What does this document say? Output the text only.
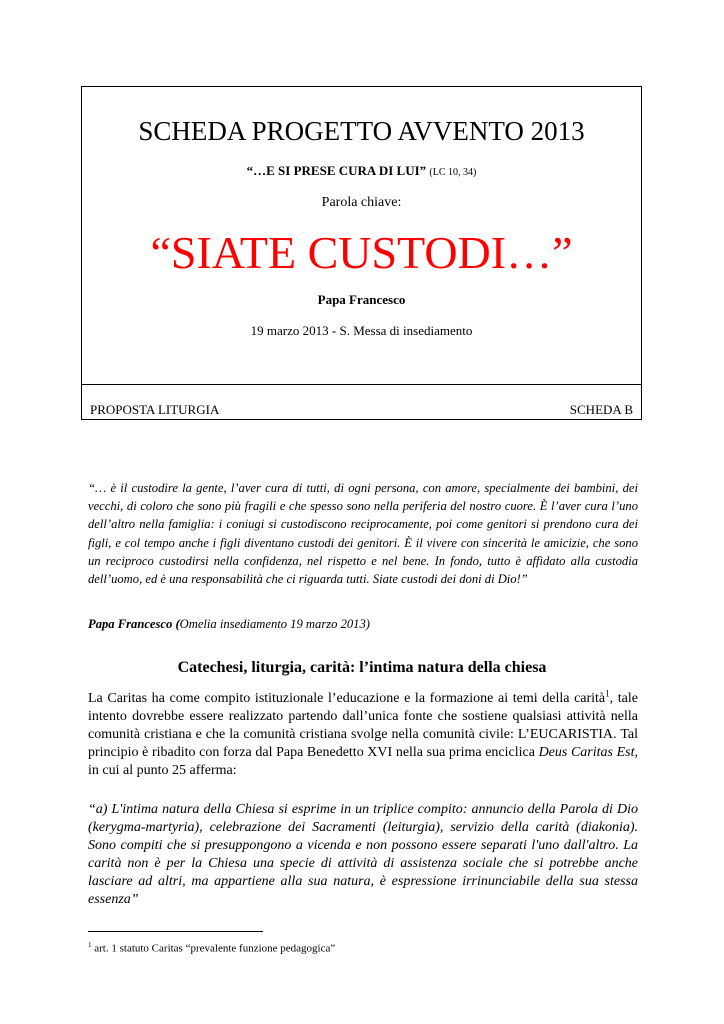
SCHEDA PROGETTO AVVENTO 2013
“…E SI PRESE CURA DI LUI” (LC 10, 34)
Parola chiave:
“SIATE CUSTODI…”
Papa Francesco
19 marzo 2013 - S. Messa di insediamento
PROPOSTA LITURGIA	SCHEDA B
“… è il custodire la gente, l’aver cura di tutti, di ogni persona, con amore, specialmente dei bambini, dei vecchi, di coloro che sono più fragili e che spesso sono nella periferia del nostro cuore. È l’aver cura l’uno dell’altro nella famiglia: i coniugi si custodiscono reciprocamente, poi come genitori si prendono cura dei figli, e col tempo anche i figli diventano custodi dei genitori. È il vivere con sincerità le amicizie, che sono un reciproco custodirsi nella confidenza, nel rispetto e nel bene. In fondo, tutto è affidato alla custodia dell’uomo, ed è una responsabilità che ci riguarda tutti. Siate custodi dei doni di Dio!”
Papa Francesco (Omelia insediamento 19 marzo 2013)
Catechesi, liturgia, carità: l’intima natura della chiesa
La Caritas ha come compito istituzionale l’educazione e la formazione ai temi della carità$^1$, tale intento dovrebbe essere realizzato partendo dall’unica fonte che sostiene qualsiasi attività nella comunità cristiana e che la comunità cristiana svolge nella comunità civile: L’EUCARISTIA. Tal principio è ribadito con forza dal Papa Benedetto XVI nella sua prima enciclica Deus Caritas Est, in cui al punto 25 afferma:
“a) L'intima natura della Chiesa si esprime in un triplice compito: annuncio della Parola di Dio (kerygma-martyria), celebrazione dei Sacramenti (leiturgia), servizio della carità (diakonia). Sono compiti che si presuppongono a vicenda e non possono essere separati l'uno dall'altro. La carità non è per la Chiesa una specie di attività di assistenza sociale che si potrebbe anche lasciare ad altri, ma appartiene alla sua natura, è espressione irrinunciabile della sua stessa essenza”
$^1$ art. 1 statuto Caritas “prevalente funzione pedagogica”
